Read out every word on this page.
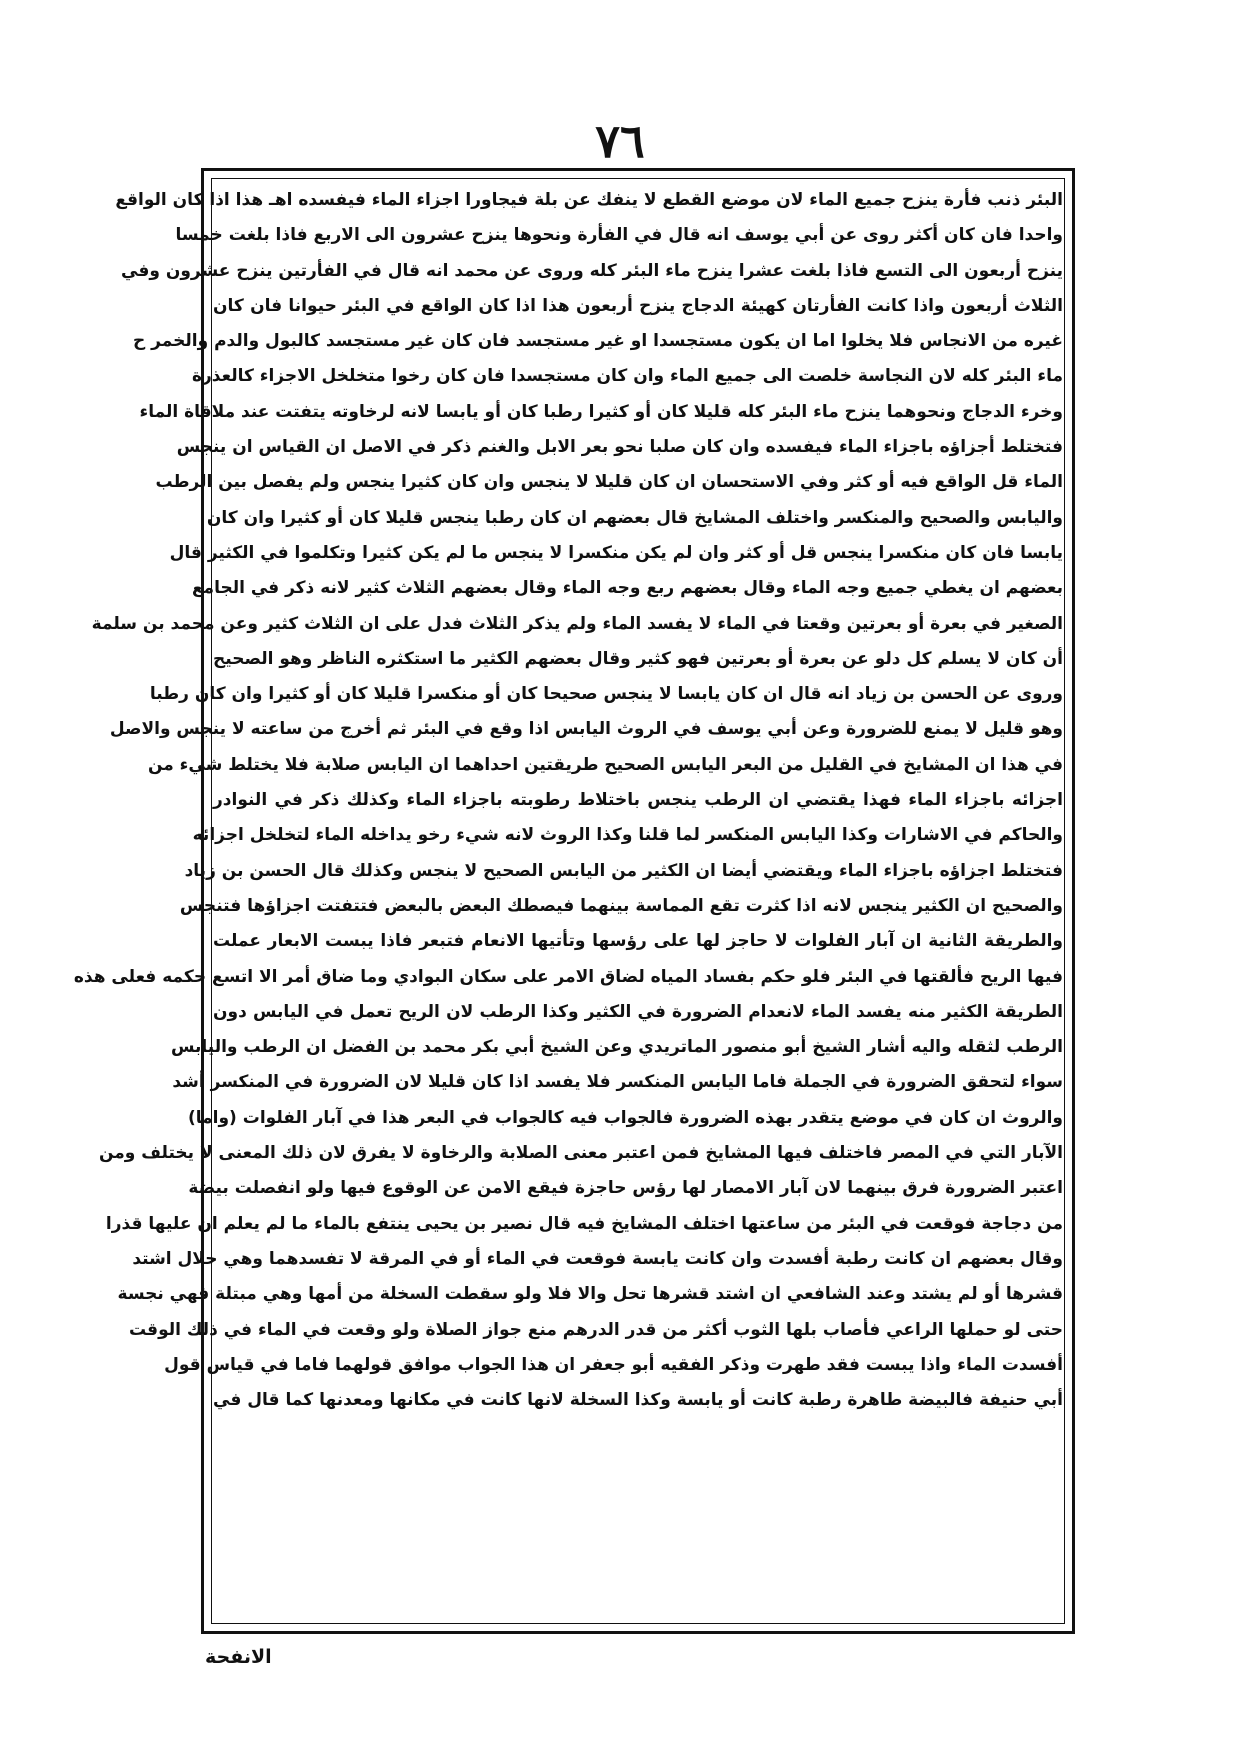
٧٦
البئر ذنب فأرة ينزح جميع الماء لان موضع القطع لا ينفك عن بلة فيجاورا اجزاء الماء فيفسده اهـ هذا اذا كان الواقع
واحدا فان كان أكثر روى عن أبي يوسف انه قال في الفأرة ونحوها ينزح عشرون الى الاربع فاذا بلغت خمسا
ينزح أربعون الى التسع فاذا بلغت عشرا ينزح ماء البئر كله وروى عن محمد انه قال في الفأرتين ينزح عشرون وفي
الثلاث أربعون واذا كانت الفأرتان كهيئة الدجاج ينزح أربعون هذا اذا كان الواقع في البئر حيوانا فان كان
غيره من الانجاس فلا يخلوا اما ان يكون مستجسدا او غير مستجسد فان كان غير مستجسد كالبول والدم والخمر ح
ماء البئر كله لان النجاسة خلصت الى جميع الماء وان كان مستجسدا فان كان رخوا متخلخل الاجزاء كالعذرة
وخرء الدجاج ونحوهما ينزح ماء البئر كله قليلا كان أو كثيرا رطبا كان أو يابسا لانه لرخاوته يتفتت عند ملاقاة الماء
فتختلط أجزاؤه باجزاء الماء فيفسده وان كان صلبا نحو بعر الابل والغنم ذكر في الاصل ان القياس ان ينجس
الماء قل الواقع فيه أو كثر وفي الاستحسان ان كان قليلا لا ينجس وان كان كثيرا ينجس ولم يفصل بين الرطب
واليابس والصحيح والمنكسر واختلف المشايخ قال بعضهم ان كان رطبا ينجس قليلا كان أو كثيرا وان كان
يابسا فان كان منكسرا ينجس قل أو كثر وان لم يكن منكسرا لا ينجس ما لم يكن كثيرا وتكلموا في الكثير قال
بعضهم ان يغطي جميع وجه الماء وقال بعضهم ربع وجه الماء وقال بعضهم الثلاث كثير لانه ذكر في الجامع
الصغير في بعرة أو بعرتين وقعتا في الماء لا يفسد الماء ولم يذكر الثلاث فدل على ان الثلاث كثير وعن محمد بن سلمة
أن كان لا يسلم كل دلو عن بعرة أو بعرتين فهو كثير وقال بعضهم الكثير ما استكثره الناظر وهو الصحيح
وروى عن الحسن بن زياد انه قال ان كان يابسا لا ينجس صحيحا كان أو منكسرا قليلا كان أو كثيرا وان كان رطبا
وهو قليل لا يمنع للضرورة وعن أبي يوسف في الروث اليابس اذا وقع في البئر ثم أخرج من ساعته لا ينجس والاصل
في هذا ان المشايخ في القليل من البعر اليابس الصحيح طريقتين احداهما ان اليابس صلابة فلا يختلط شيء من
اجزائه باجزاء الماء فهذا يقتضي ان الرطب ينجس باختلاط رطوبته باجزاء الماء وكذلك ذكر في النوادر
والحاكم في الاشارات وكذا اليابس المنكسر لما قلنا وكذا الروث لانه شيء رخو يداخله الماء لتخلخل اجزائه
فتختلط اجزاؤه باجزاء الماء ويقتضي أيضا ان الكثير من اليابس الصحيح لا ينجس وكذلك قال الحسن بن زياد
والصحيح ان الكثير ينجس لانه اذا كثرت تقع المماسة بينهما فيصطك البعض بالبعض فتتفتت اجزاؤها فتنجس
والطريقة الثانية ان آبار الفلوات لا حاجز لها على رؤسها وتأتيها الانعام فتبعر فاذا يبست الابعار عملت
فيها الريح فألقتها في البئر فلو حكم بفساد المياه لضاق الامر على سكان البوادي وما ضاق أمر الا اتسع حكمه فعلى هذه
الطريقة الكثير منه يفسد الماء لانعدام الضرورة في الكثير وكذا الرطب لان الريح تعمل في اليابس دون
الرطب لثقله واليه أشار الشيخ أبو منصور الماتريدي وعن الشيخ أبي بكر محمد بن الفضل ان الرطب واليابس
سواء لتحقق الضرورة في الجملة فاما اليابس المنكسر فلا يفسد اذا كان قليلا لان الضرورة في المنكسر أشد
والروث ان كان في موضع يتقدر بهذه الضرورة فالجواب فيه كالجواب في البعر هذا في آبار الفلوات (واما)
الآبار التي في المصر فاختلف فيها المشايخ فمن اعتبر معنى الصلابة والرخاوة لا يفرق لان ذلك المعنى لا يختلف ومن
اعتبر الضرورة فرق بينهما لان آبار الامصار لها رؤس حاجزة فيقع الامن عن الوقوع فيها ولو انفصلت بيضة
من دجاجة فوقعت في البئر من ساعتها اختلف المشايخ فيه قال نصير بن يحيى ينتفع بالماء ما لم يعلم ان عليها قذرا
وقال بعضهم ان كانت رطبة أفسدت وان كانت يابسة فوقعت في الماء أو في المرقة لا تفسدهما وهي حلال اشتد
قشرها أو لم يشتد وعند الشافعي ان اشتد قشرها تحل والا فلا ولو سقطت السخلة من أمها وهي مبتلة فهي نجسة
حتى لو حملها الراعي فأصاب بلها الثوب أكثر من قدر الدرهم منع جواز الصلاة ولو وقعت في الماء في ذلك الوقت
أفسدت الماء واذا يبست فقد طهرت وذكر الفقيه أبو جعفر ان هذا الجواب موافق قولهما فاما في قياس قول
أبي حنيفة فالبيضة طاهرة رطبة كانت أو يابسة وكذا السخلة لانها كانت في مكانها ومعدنها كما قال في
الانفحة
